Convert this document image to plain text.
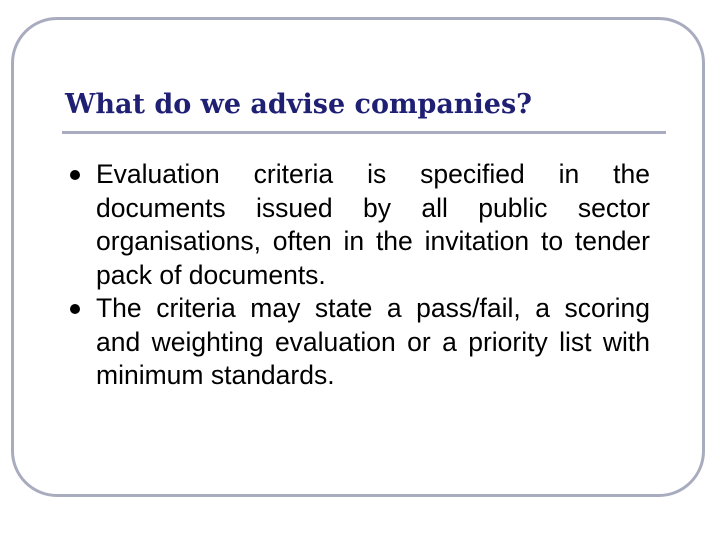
What do we advise companies?
Evaluation criteria is specified in the documents issued by all public sector organisations, often in the invitation to tender pack of documents.
The criteria may state a pass/fail, a scoring and weighting evaluation or a priority list with minimum standards.
